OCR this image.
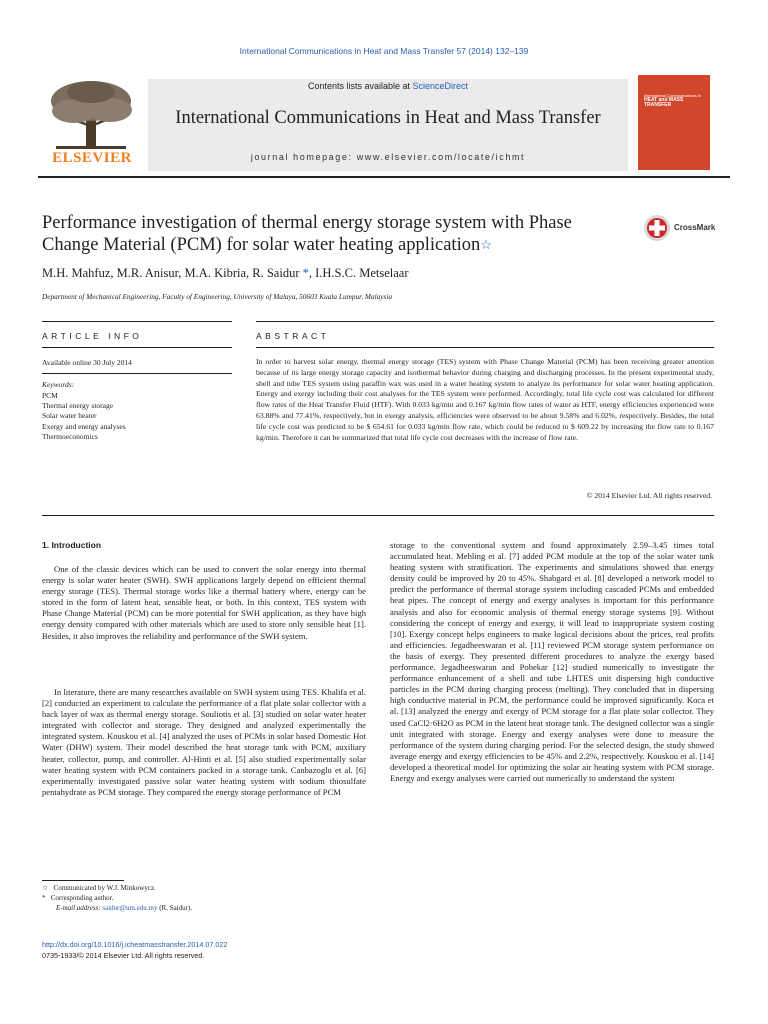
International Communications in Heat and Mass Transfer 57 (2014) 132–139
Contents lists available at ScienceDirect
International Communications in Heat and Mass Transfer
journal homepage: www.elsevier.com/locate/ichmt
ELSEVIER
International Communications in
HEAT and MASS TRANSFER
Performance investigation of thermal energy storage system with Phase Change Material (PCM) for solar water heating application☆
CrossMark
M.H. Mahfuz, M.R. Anisur, M.A. Kibria, R. Saidur *, I.H.S.C. Metselaar
Department of Mechanical Engineering, Faculty of Engineering, University of Malaya, 50603 Kuala Lumpur, Malaysia
ARTICLE INFO	ABSTRACT
Available online 30 July 2014
Keywords:
PCM
Thermal energy storage
Solar water heater
Exergy and energy analyses
Thermoeconomics
In order to harvest solar energy, thermal energy storage (TES) system with Phase Change Material (PCM) has been receiving greater attention because of its large energy storage capacity and isothermal behavior during charging and discharging processes. In the present experimental study, shell and tube TES system using paraffin wax was used in a water heating system to analyze its performance for solar water heating application. Energy and exergy including their cost analyses for the TES system were performed. Accordingly, total life cycle cost was calculated for different flow rates of the Heat Transfer Fluid (HTF). With 0.033 kg/min and 0.167 kg/min flow rates of water as HTF, energy efficiencies experienced were 63.88% and 77.41%, respectively, but in exergy analysis, efficiencies were observed to be about 9.58% and 6.02%, respectively. Besides, the total life cycle cost was predicted to be $ 654.61 for 0.033 kg/min flow rate, which could be reduced to $ 609.22 by increasing the flow rate to 0.167 kg/min. Therefore it can be summarized that total life cycle cost decreases with the increase of flow rate.
© 2014 Elsevier Ltd. All rights reserved.
1. Introduction
One of the classic devices which can be used to convert the solar energy into thermal energy is solar water heater (SWH). SWH applications largely depend on efficient thermal energy storage (TES). Thermal storage works like a thermal battery where, energy can be stored in the form of latent heat, sensible heat, or both. In this context, TES system with Phase Change Material (PCM) can be more potential for SWH application, as they have high energy density compared with other materials which are used to store only sensible heat [1]. Besides, it also improves the reliability and performance of the SWH system.
In literature, there are many researches available on SWH system using TES. Khalifa et al. [2] conducted an experiment to calculate the performance of a flat plate solar collector with a back layer of wax as thermal energy storage. Souliotis et al. [3] studied on solar water heater integrated with collector and storage. They designed and analyzed experimentally the integrated system. Kouskou et al. [4] analyzed the uses of PCMs in solar based Domestic Hot Water (DHW) system. Their model described the heat storage tank with PCM, auxiliary heater, collector, pump, and controller. Al-Hinti et al. [5] also studied experimentally solar water heating system with PCM containers packed in a storage tank. Canbazoglu et al. [6] experimentally investigated passive solar water heating system with sodium thiosulfate pentahydrate as PCM storage. They compared the energy storage performance of PCM
storage to the conventional system and found approximately 2.59–3.45 times total accumulated heat. Mehling et al. [7] added PCM module at the top of the solar water tank heating system with stratification. The experiments and simulations showed that energy density could be improved by 20 to 45%. Shabgard et al. [8] developed a network model to predict the performance of thermal storage system including cascaded PCMs and embedded heat pipes. The concept of energy and exergy analyses is important for this performance analysis and also for economic analysis of thermal energy storage systems [9]. Without considering the concept of energy and exergy, it will lead to inappropriate system costing [10]. Exergy concept helps engineers to make logical decisions about the prices, real profits and efficiencies. Jegadheeswaran et al. [11] reviewed PCM storage system performance on the basis of exergy. They presented different procedures to analyze the exergy based performance. Jegadheeswaran and Pohekar [12] studied numerically to investigate the performance enhancement of a shell and tube LHTES unit dispersing high conductive particles in the PCM during charging process (melting). They concluded that in dispersing high conductive material in PCM, the performance could be improved significantly. Koca et al. [13] analyzed the energy and exergy of PCM storage for a flat plate solar collector. They used CaCl2·6H2O as PCM in the latent heat storage tank. The designed collector was a single unit integrated with storage. Energy and exergy analyses were done to measure the performance of the system during charging period. For the selected design, the study showed average energy and exergy efficiencies to be 45% and 2.2%, respectively. Kouskou et al. [14] developed a theoretical model for optimizing the solar air heating system with PCM storage. Energy and exergy analyses were carried out numerically to understand the system
☆ Communicated by W.J. Minkowycz.
* Corresponding author.
E-mail address: saidur@um.edu.my (R. Saidur).
http://dx.doi.org/10.1016/j.icheatmasstransfer.2014.07.022
0735-1933/© 2014 Elsevier Ltd. All rights reserved.
